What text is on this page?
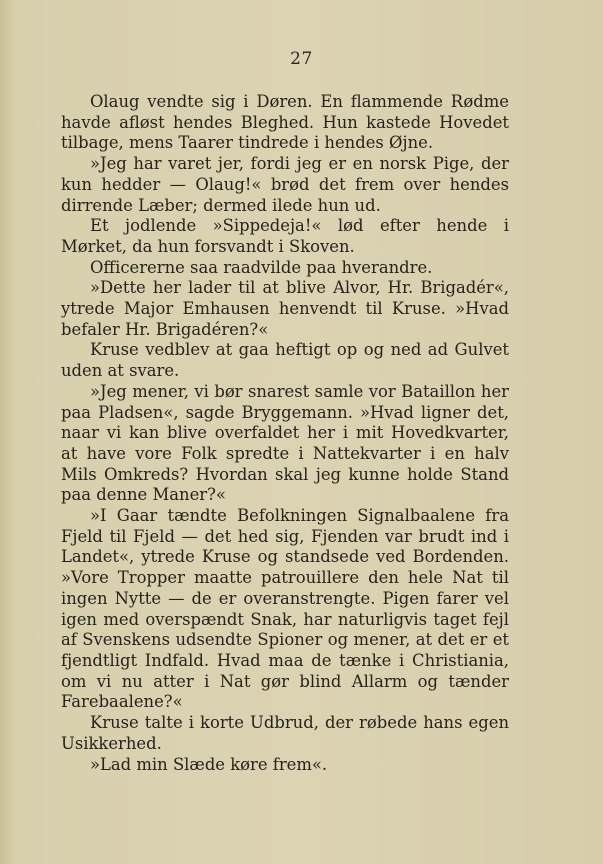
27

Olaug vendte sig i Døren. En flammende Rødme havde afløst hendes Bleghed. Hun kastede Hovedet tilbage, mens Taarer tindrede i hendes Øjne.

»Jeg har varet jer, fordi jeg er en norsk Pige, der kun hedder — Olaug!« brød det frem over hendes dirrende Læber; dermed ilede hun ud.

Et jodlende »Sippedeja!« lød efter hende i Mørket, da hun forsvandt i Skoven.

Officererne saa raadvilde paa hverandre.

»Dette her lader til at blive Alvor, Hr. Brigadér«, ytrede Major Emhausen henvendt til Kruse. »Hvad befaler Hr. Brigadéren?«

Kruse vedblev at gaa heftigt op og ned ad Gulvet uden at svare.

»Jeg mener, vi bør snarest samle vor Bataillon her paa Pladsen«, sagde Bryggemann. »Hvad ligner det, naar vi kan blive overfaldet her i mit Hovedkvarter, at have vore Folk spredte i Nattekvarter i en halv Mils Omkreds? Hvordan skal jeg kunne holde Stand paa denne Maner?«

»I Gaar tændte Befolkningen Signalbaalene fra Fjeld til Fjeld — det hed sig, Fjenden var brudt ind i Landet«, ytrede Kruse og standsede ved Bordenden. »Vore Tropper maatte patrouillere den hele Nat til ingen Nytte — de er overanstrengte. Pigen farer vel igen med overspændt Snak, har naturligvis taget fejl af Svenskens udsendte Spioner og mener, at det er et fjendtligt Indfald. Hvad maa de tænke i Christiania, om vi nu atter i Nat gør blind Allarm og tænder Farebaalene?«

Kruse talte i korte Udbrud, der røbede hans egen Usikkerhed.

»Lad min Slæde køre frem«.
